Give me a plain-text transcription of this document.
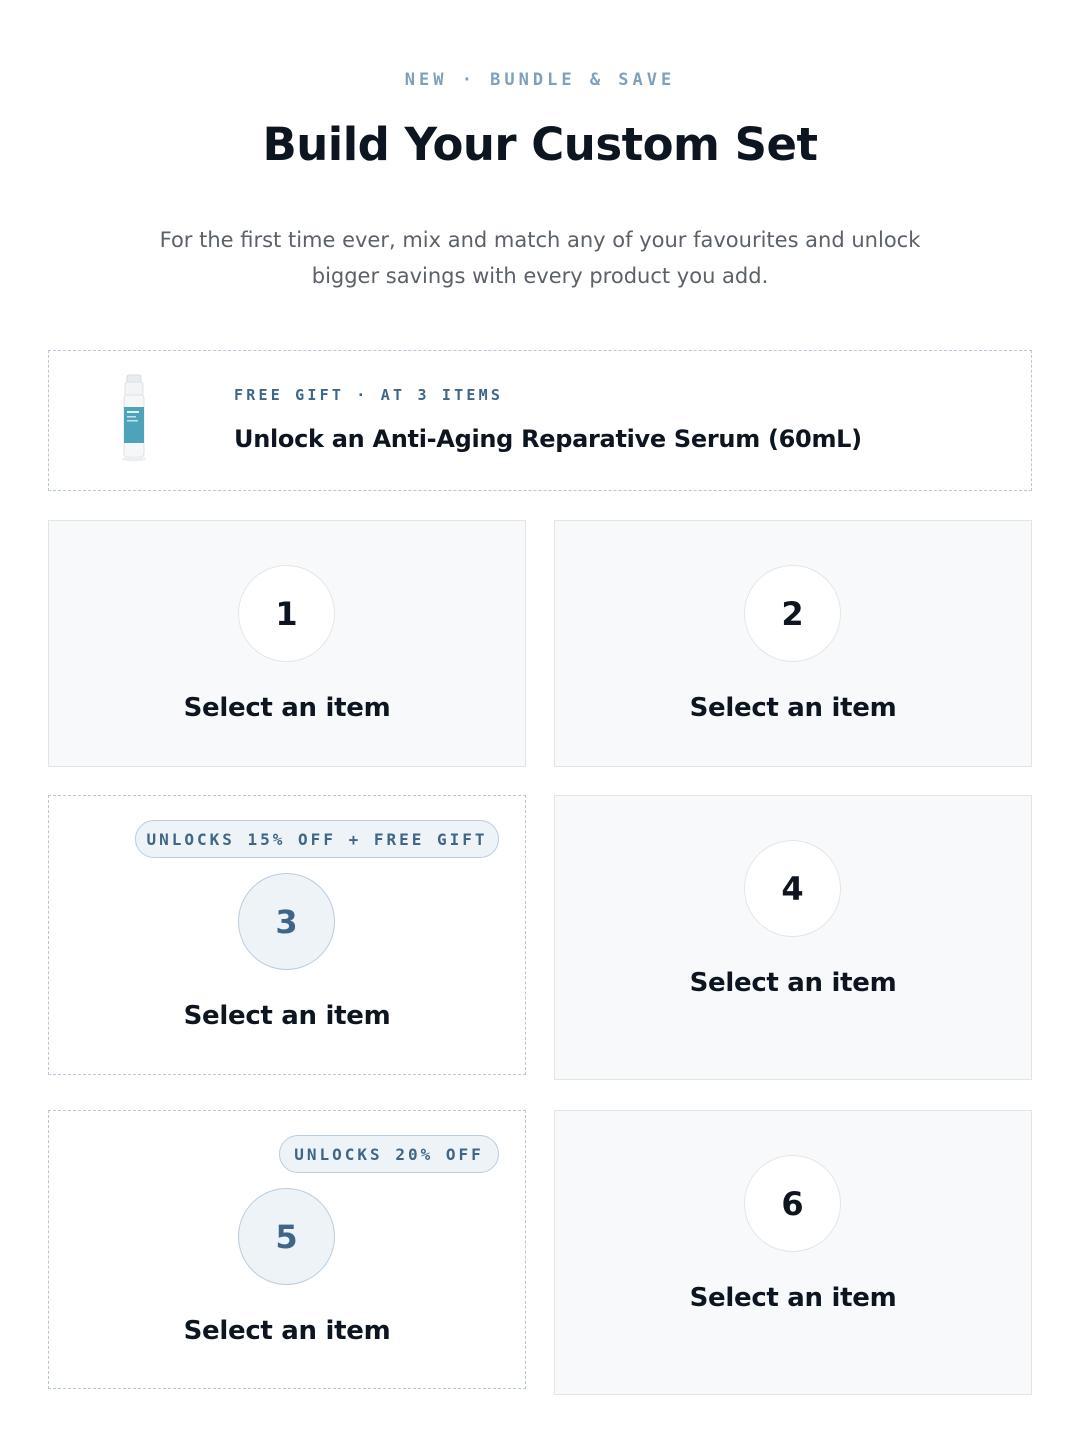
NEW · BUNDLE & SAVE
Build Your Custom Set

For the first time ever, mix and match any of your favourites and unlock bigger savings with every product you add.

FREE GIFT · AT 3 ITEMS
Unlock an Anti-Aging Reparative Serum (60mL)
1
Select an item
2
Select an item
UNLOCKS 15% OFF + FREE GIFT
3
Select an item
4
Select an item
UNLOCKS 20% OFF
5
Select an item
6
Select an item
